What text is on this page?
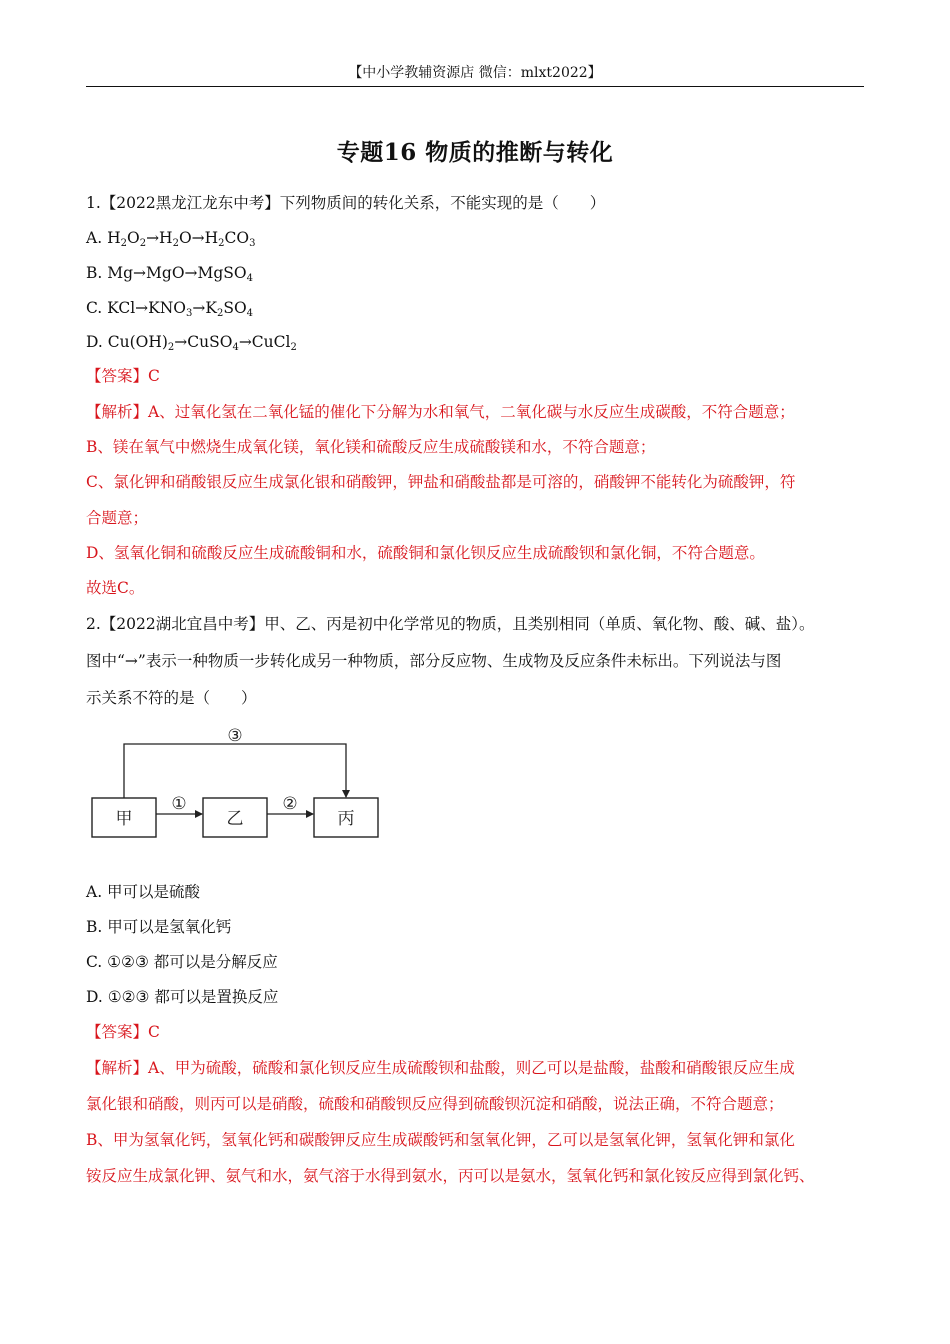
【中小学教辅资源店 微信：mlxt2022】
专题16 物质的推断与转化
1.【2022黑龙江龙东中考】下列物质间的转化关系，不能实现的是（　　）
A. $H_2O_2\to H_2O\to H_2CO_3$
B. Mg→MgO→MgSO$_4$
C. $KCl\to KNO_3\to K_2SO_4$
D. $Cu(OH)_2\to CuSO_4\to CuCl_2$
【答案】C
【解析】A、过氧化氢在二氧化锰的催化下分解为水和氧气，二氧化碳与水反应生成碳酸，不符合题意；
B、镁在氧气中燃烧生成氧化镁，氧化镁和硫酸反应生成硫酸镁和水，不符合题意；
C、氯化钾和硝酸银反应生成氯化银和硝酸钾，钾盐和硝酸盐都是可溶的，硝酸钾不能转化为硫酸钾，符
合题意；
D、氢氧化铜和硫酸反应生成硫酸铜和水，硫酸铜和氯化钡反应生成硫酸钡和氯化铜，不符合题意。
故选C。
2.【2022湖北宜昌中考】甲、乙、丙是初中化学常见的物质，且类别相同（单质、氧化物、酸、碱、盐）。
图中“→”表示一种物质一步转化成另一种物质，部分反应物、生成物及反应条件未标出。下列说法与图
示关系不符的是（　　）
甲	乙	丙
①	②
③
A. 甲可以是硫酸
B. 甲可以是氢氧化钙
C. ①②③ 都可以是分解反应
D. ①②③ 都可以是置换反应
【答案】C
【解析】A、甲为硫酸，硫酸和氯化钡反应生成硫酸钡和盐酸，则乙可以是盐酸，盐酸和硝酸银反应生成
氯化银和硝酸，则丙可以是硝酸，硫酸和硝酸钡反应得到硫酸钡沉淀和硝酸，说法正确，不符合题意；
B、甲为氢氧化钙，氢氧化钙和碳酸钾反应生成碳酸钙和氢氧化钾，乙可以是氢氧化钾，氢氧化钾和氯化
铵反应生成氯化钾、氨气和水，氨气溶于水得到氨水，丙可以是氨水，氢氧化钙和氯化铵反应得到氯化钙、
